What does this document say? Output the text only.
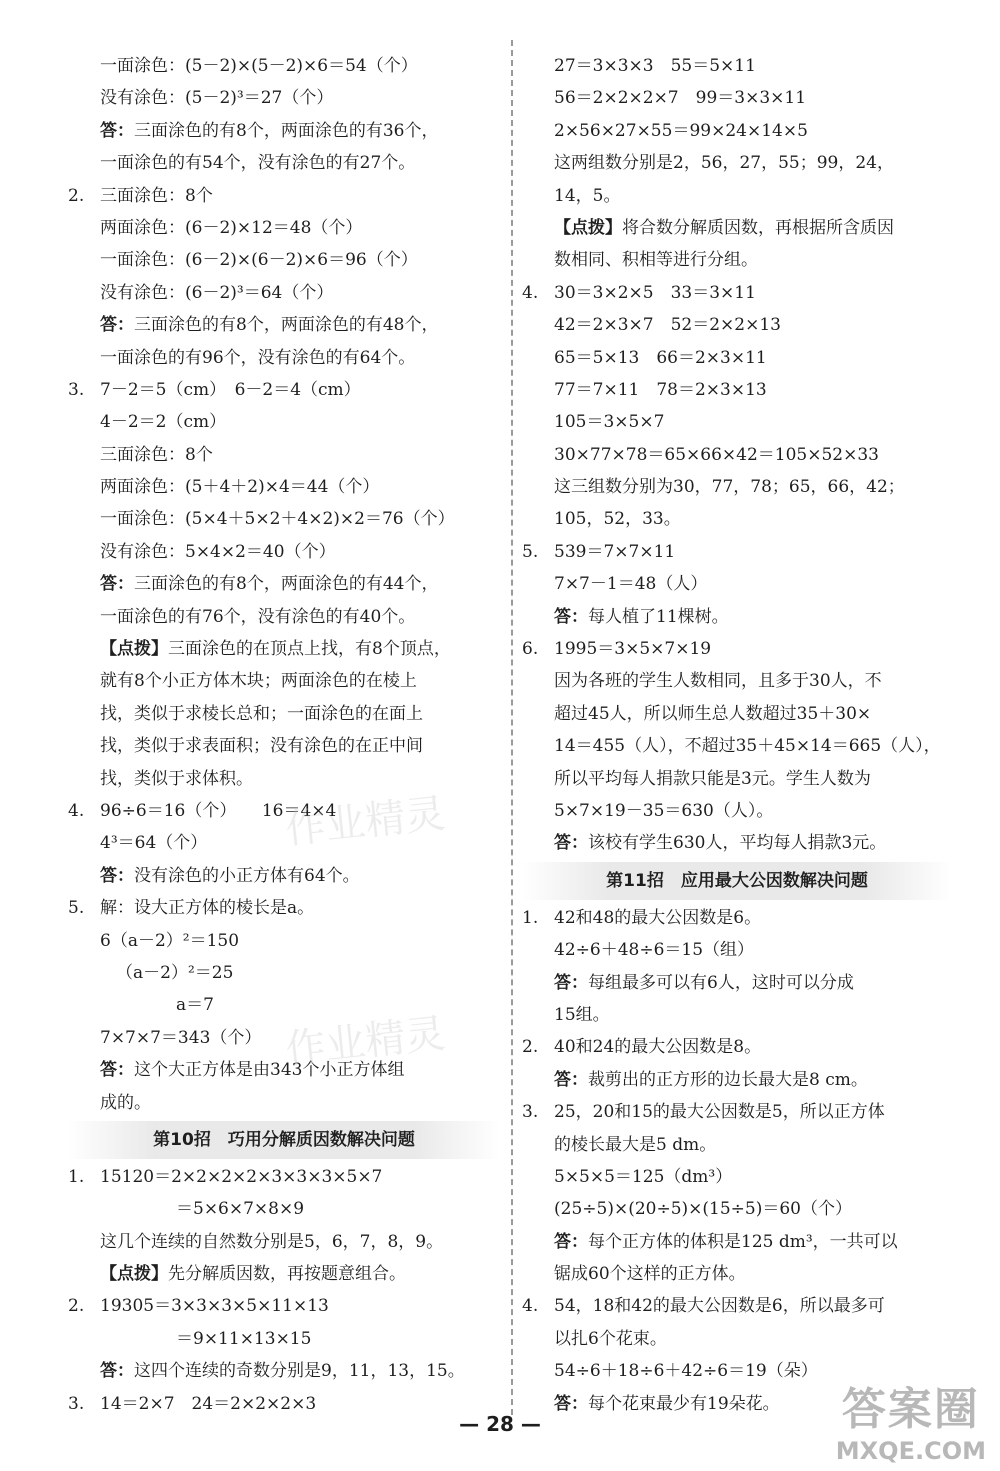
一面涂色：(5－2)×(5－2)×6＝54（个）
没有涂色：(5－2)³＝27（个）
答：三面涂色的有8个，两面涂色的有36个，
一面涂色的有54个，没有涂色的有27个。
2. 三面涂色：8个
两面涂色：(6－2)×12＝48（个）
一面涂色：(6－2)×(6－2)×6＝96（个）
没有涂色：(6－2)³＝64（个）
答：三面涂色的有8个，两面涂色的有48个，
一面涂色的有96个，没有涂色的有64个。
3. 7－2＝5（cm）　6－2＝4（cm）
4－2＝2（cm）
三面涂色：8个
两面涂色：(5＋4＋2)×4＝44（个）
一面涂色：(5×4＋5×2＋4×2)×2＝76（个）
没有涂色：5×4×2＝40（个）
答：三面涂色的有8个，两面涂色的有44个，
一面涂色的有76个，没有涂色的有40个。
【点拨】三面涂色的在顶点上找，有8个顶点，
就有8个小正方体木块；两面涂色的在棱上
找，类似于求棱长总和；一面涂色的在面上
找，类似于求表面积；没有涂色的在正中间
找，类似于求体积。
4. 96÷6＝16（个）　　16＝4×4
4³＝64（个）
答：没有涂色的小正方体有64个。
5. 解：设大正方体的棱长是a。
6（a－2）²＝150
（a－2）²＝25
a＝7
7×7×7＝343（个）
答：这个大正方体是由343个小正方体组
成的。
第10招　巧用分解质因数解决问题
1. 15120＝2×2×2×2×3×3×3×5×7
＝5×6×7×8×9
这几个连续的自然数分别是5，6，7，8，9。
【点拨】先分解质因数，再按题意组合。
2. 19305＝3×3×3×5×11×13
＝9×11×13×15
答：这四个连续的奇数分别是9，11，13，15。
3. 14＝2×7　24＝2×2×2×3
27＝3×3×3　55＝5×11
56＝2×2×2×7　99＝3×3×11
2×56×27×55＝99×24×14×5
这两组数分别是2，56，27，55；99，24，
14，5。
【点拨】将合数分解质因数，再根据所含质因
数相同、积相等进行分组。
4. 30＝3×2×5　33＝3×11
42＝2×3×7　52＝2×2×13
65＝5×13　66＝2×3×11
77＝7×11　78＝2×3×13
105＝3×5×7
30×77×78＝65×66×42＝105×52×33
这三组数分别为30，77，78；65，66，42；
105，52，33。
5. 539＝7×7×11
7×7－1＝48（人）
答：每人植了11棵树。
6. 1995＝3×5×7×19
因为各班的学生人数相同，且多于30人，不
超过45人，所以师生总人数超过35＋30×
14＝455（人），不超过35＋45×14＝665（人），
所以平均每人捐款只能是3元。学生人数为
5×7×19－35＝630（人）。
答：该校有学生630人，平均每人捐款3元。
第11招　应用最大公因数解决问题
1. 42和48的最大公因数是6。
42÷6＋48÷6＝15（组）
答：每组最多可以有6人，这时可以分成
15组。
2. 40和24的最大公因数是8。
答：裁剪出的正方形的边长最大是8 cm。
3. 25，20和15的最大公因数是5，所以正方体
的棱长最大是5 dm。
5×5×5＝125（dm³）
(25÷5)×(20÷5)×(15÷5)＝60（个）
答：每个正方体的体积是125 dm³，一共可以
锯成60个这样的正方体。
4. 54，18和42的最大公因数是6，所以最多可
以扎6个花束。
54÷6＋18÷6＋42÷6＝19（朵）
答：每个花束最少有19朵花。
作业精灵
作业精灵
— 28 —	答案圈
MXQE.COM
